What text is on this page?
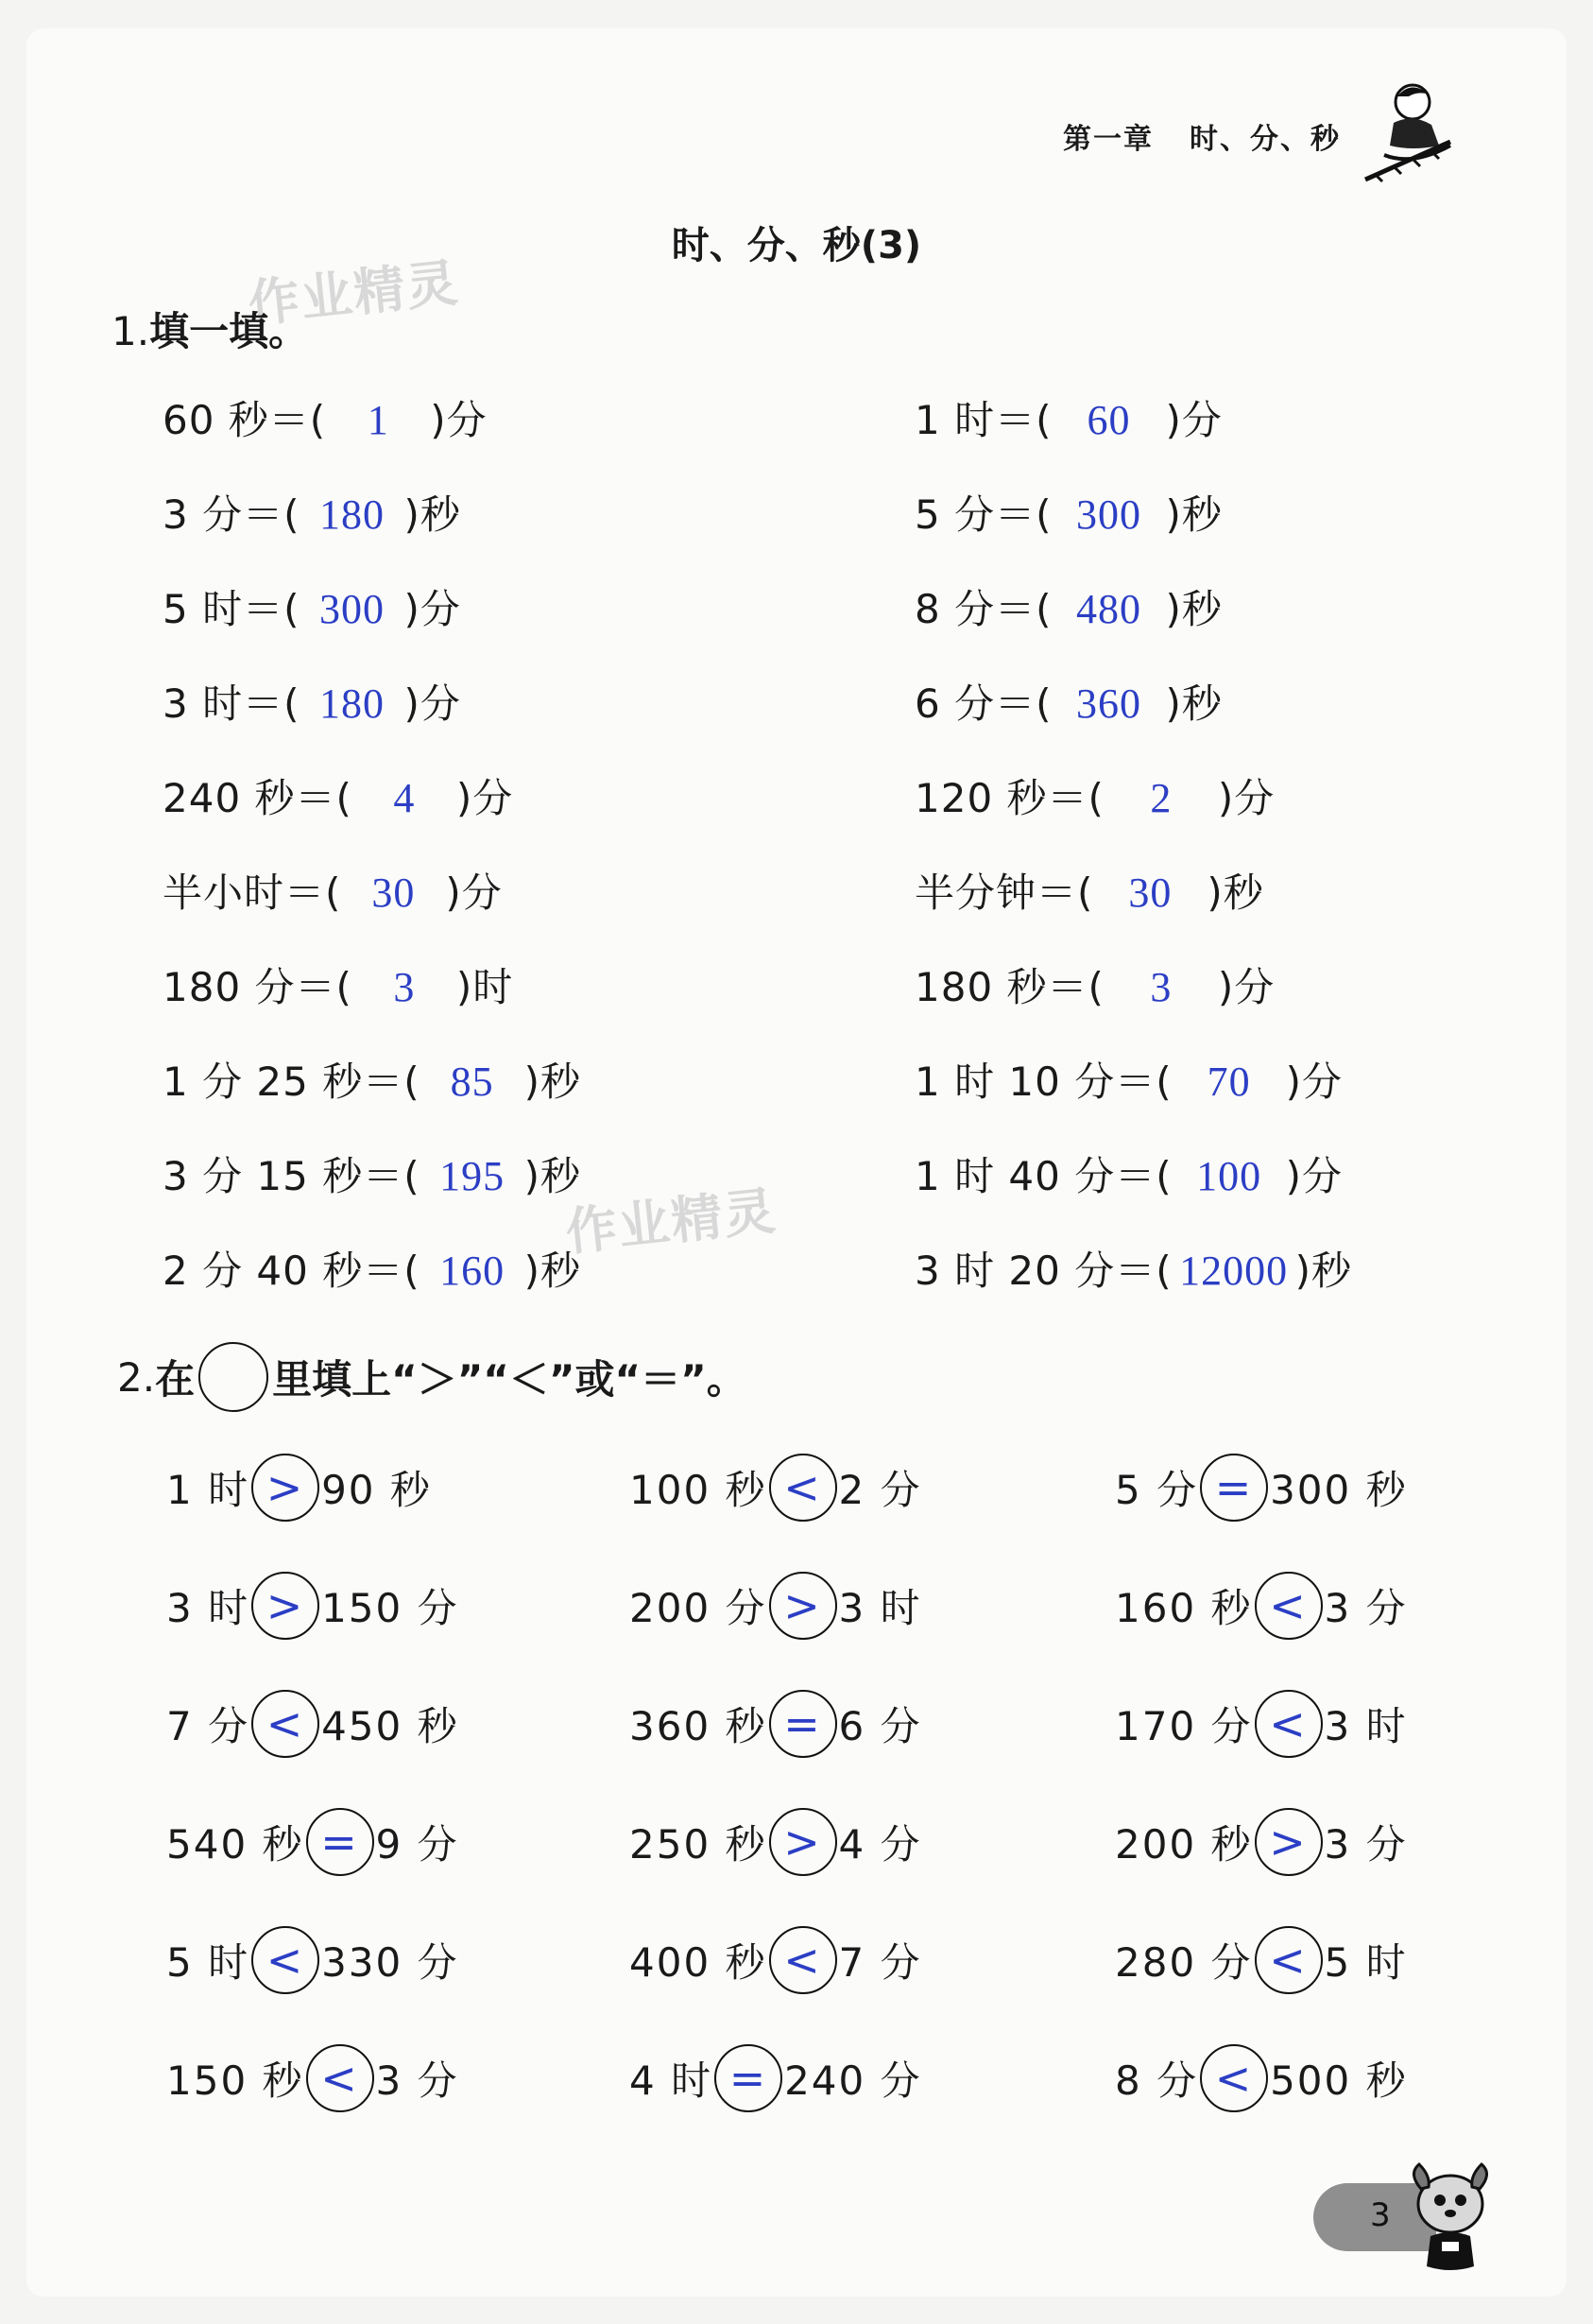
第一章 时、分、秒
时、分、秒(3)
作业精灵
作业精灵
1.填一填。
60 秒＝( 1 )分
3 分＝( 180 )秒
5 时＝( 300 )分
3 时＝( 180 )分
240 秒＝( 4 )分
半小时＝( 30 )分
180 分＝( 3 )时
1 分 25 秒＝( 85 )秒
3 分 15 秒＝( 195 )秒
2 分 40 秒＝( 160 )秒
1 时＝( 60 )分
5 分＝( 300 )秒
8 分＝( 480 )秒
6 分＝( 360 )秒
120 秒＝( 2 )分
半分钟＝( 30 )秒
180 秒＝( 3 )分
1 时 10 分＝( 70 )分
1 时 40 分＝( 100 )分
3 时 20 分＝( 12000 )秒
2. 在 里填上“＞”“＜”或“＝”。
1 时 > 90 秒
3 时 > 150 分
7 分 < 450 秒
540 秒 = 9 分
5 时 < 330 分
150 秒 < 3 分
100 秒 < 2 分
200 分 > 3 时
360 秒 = 6 分
250 秒 > 4 分
400 秒 < 7 分
4 时 = 240 分
5 分 = 300 秒
160 秒 < 3 分
170 分 < 3 时
200 秒 > 3 分
280 分 < 5 时
8 分 < 500 秒
3
